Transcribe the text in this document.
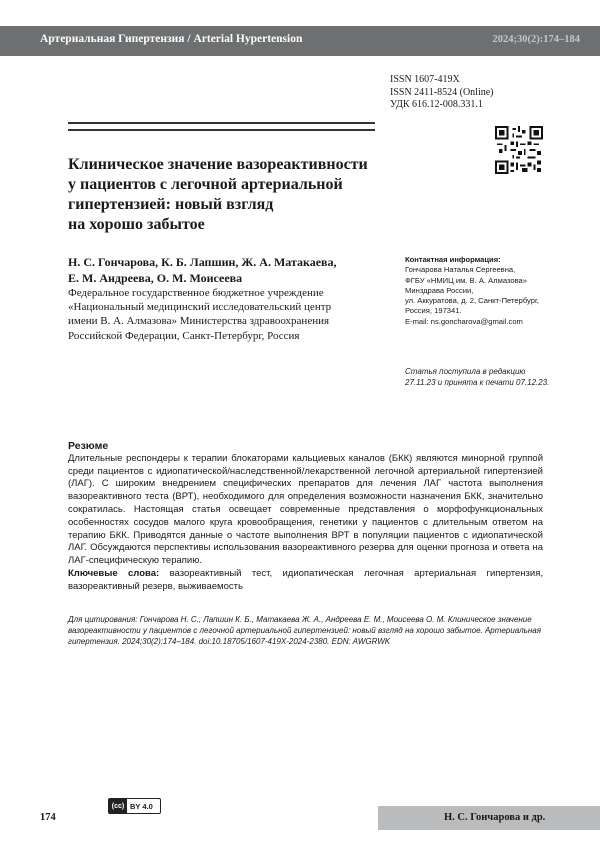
Артериальная Гипертензия / Arterial Hypertension	2024;30(2):174–184
ISSN 1607-419X
ISSN 2411-8524 (Online)
УДК 616.12-008.331.1
Клиническое значение вазореактивности
у пациентов с легочной артериальной
гипертензией: новый взгляд
на хорошо забытое
Н. С. Гончарова, К. Б. Лапшин, Ж. А. Матакаева,
Е. М. Андреева, О. М. Моисеева
Федеральное государственное бюджетное учреждение
«Национальный медицинский исследовательский центр
имени В. А. Алмазова» Министерства здравоохранения
Российской Федерации, Санкт-Петербург, Россия
Контактная информация:
Гончарова Наталья Сергеевна,
ФГБУ «НМИЦ им. В. А. Алмазова»
Минздрава России,
ул. Аккуратова, д. 2, Санкт-Петербург,
Россия, 197341.
E-mail: ns.goncharova@gmail.com
Статья поступила в редакцию
27.11.23 и принята к печати 07.12.23.
Резюме

Длительные респондеры к терапии блокаторами кальциевых каналов (БКК) являются минорной группой среди пациентов с идиопатической/наследственной/лекарственной легочной артериальной гипертензией (ЛАГ). С широким внедрением специфических препаратов для лечения ЛАГ частота выполнения вазореактивного теста (ВРТ), необходимого для определения возможности назначения БКК, значительно сократилась. Настоящая статья освещает современные представления о морфофункциональных особенностях сосудов малого круга кровообращения, генетики у пациентов с длительным ответом на терапию БКК. Приводятся данные о частоте выполнения ВРТ в популяции пациентов с идиопатической ЛАГ. Обсуждаются перспективы использования вазореактивного резерва для оценки прогноза и ответа на ЛАГ-специфическую терапию.

Ключевые слова: вазореактивный тест, идиопатическая легочная артериальная гипертензия, вазореактивный резерв, выживаемость

Для цитирования: Гончарова Н. С., Лапшин К. Б., Матакаева Ж. А., Андреева Е. М., Моисеева О. М. Клиническое значение вазореактивности у пациентов с легочной артериальной гипертензией: новый взгляд на хорошо забытое. Артериальная гипертензия. 2024;30(2):174–184. doi:10.18705/1607-419X-2024-2380. EDN: AWGRWK
(cc) BY 4.0
174	Н. С. Гончарова и др.
